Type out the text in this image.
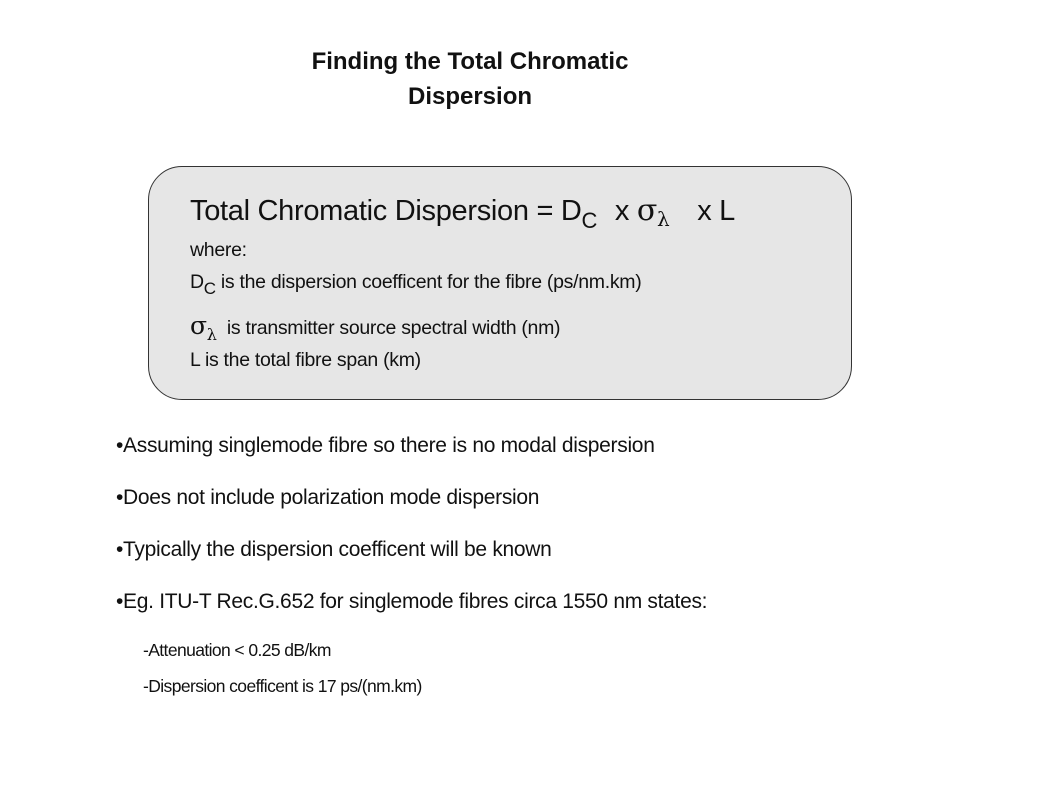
Finding the Total Chromatic
Dispersion
Total Chromatic Dispersion = $D_C$ x $\sigma_\lambda$ x L
where:
DC is the dispersion coefficent for the fibre (ps/nm.km)
$\sigma_\lambda$ is transmitter source spectral width (nm)
L is the total fibre span (km)
•Assuming singlemode fibre so there is no modal dispersion
•Does not include polarization mode dispersion
•Typically the dispersion coefficent will be known
•Eg. ITU-T Rec.G.652 for singlemode fibres circa 1550 nm states:
-Attenuation < 0.25 dB/km
-Dispersion coefficent is 17 ps/(nm.km)
